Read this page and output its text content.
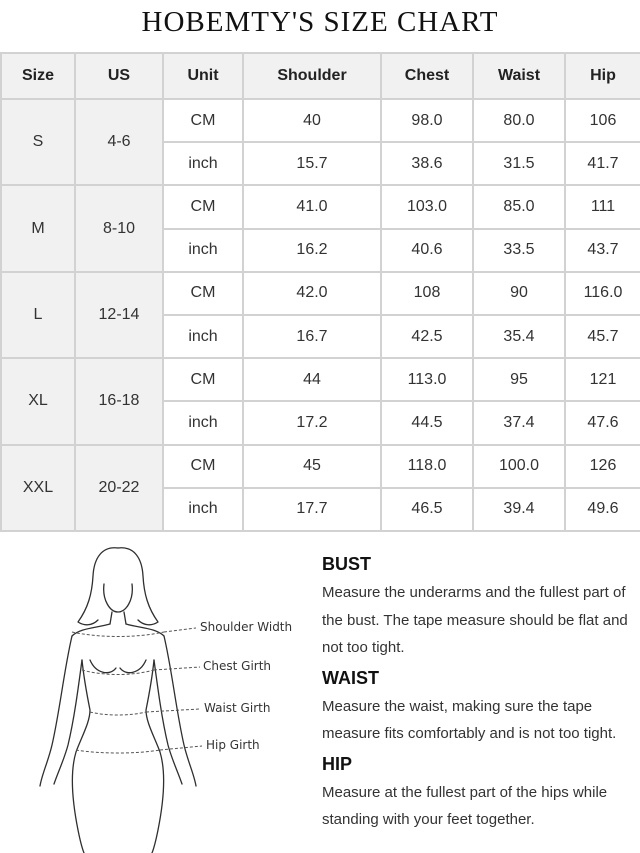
HOBEMTY'S SIZE CHART
Size	US	Unit	Shoulder	Chest	Waist	Hip
S	4-6	CM	40	98.0	80.0	106
		inch	15.7	38.6	31.5	41.7
M	8-10	CM	41.0	103.0	85.0	111
		inch	16.2	40.6	33.5	43.7
L	12-14	CM	42.0	108	90	116.0
		inch	16.7	42.5	35.4	45.7
XL	16-18	CM	44	113.0	95	121
		inch	17.2	44.5	37.4	47.6
XXL	20-22	CM	45	118.0	100.0	126
		inch	17.7	46.5	39.4	49.6
Shoulder Width
Chest Girth
Waist Girth
Hip Girth
BUST

Measure the underarms and the fullest part of the bust. The tape measure should be flat and not too tight.

WAIST

Measure the waist, making sure the tape measure fits comfortably and is not too tight.

HIP

Measure at the fullest part of the hips while standing with your feet together.
